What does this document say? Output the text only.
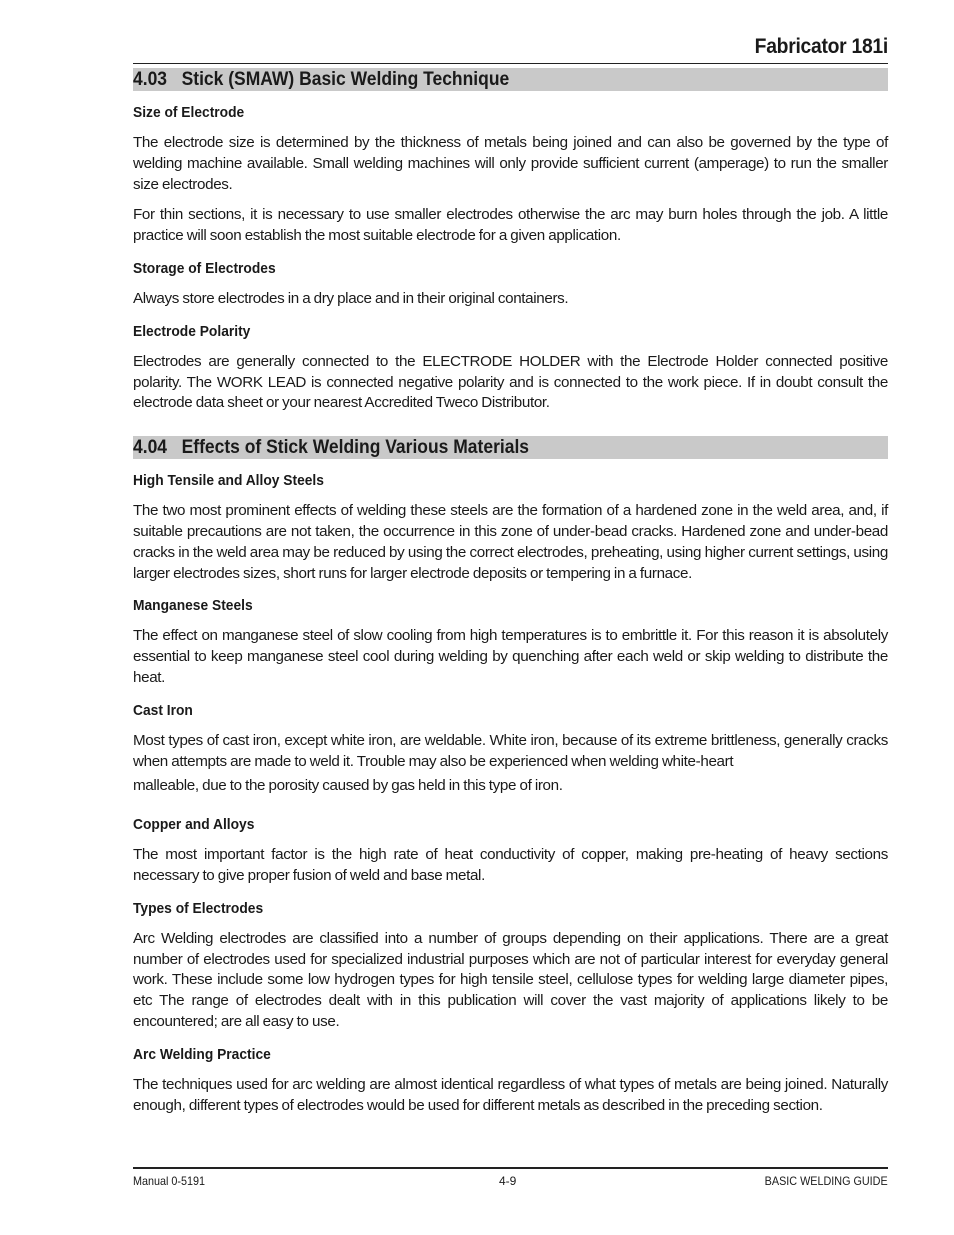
Fabricator 181i
4.03   Stick (SMAW) Basic Welding Technique
Size of Electrode
The electrode size is determined by the thickness of metals being joined and can also be governed by the type of welding machine available. Small welding machines will only provide sufficient current (amperage) to run the smaller size electrodes.
For thin sections, it is necessary to use smaller electrodes otherwise the arc may burn holes through the job. A little practice will soon establish the most suitable electrode for a given application.
Storage of Electrodes
Always store electrodes in a dry place and in their original containers.
Electrode Polarity
Electrodes are generally connected to the ELECTRODE HOLDER with the Electrode Holder connected positive polarity. The WORK LEAD is connected negative polarity and is connected to the work piece. If in doubt consult the electrode data sheet or your nearest Accredited Tweco Distributor.
4.04   Effects of Stick Welding Various Materials
High Tensile and Alloy Steels
The two most prominent effects of welding these steels are the formation of a hardened zone in the weld area, and, if suitable precautions are not taken, the occurrence in this zone of under-bead cracks. Hardened zone and under-bead cracks in the weld area may be reduced by using the correct electrodes, preheating, using higher current settings, using larger electrodes sizes, short runs for larger electrode deposits or tempering in a furnace.
Manganese Steels
The effect on manganese steel of slow cooling from high temperatures is to embrittle it. For this reason it is absolutely essential to keep manganese steel cool during welding by quenching after each weld or skip welding to distribute the heat.
Cast Iron
Most types of cast iron, except white iron, are weldable. White iron, because of its extreme brittleness, generally cracks when attempts are made to weld it. Trouble may also be experienced when welding white-heart
malleable, due to the porosity caused by gas held in this type of iron.
Copper and Alloys
The most important factor is the high rate of heat conductivity of copper, making pre-heating of heavy sections necessary to give proper fusion of weld and base metal.
Types of Electrodes
Arc Welding electrodes are classified into a number of groups depending on their applications. There are a great number of electrodes used for specialized industrial purposes which are not of particular interest for everyday general work. These include some low hydrogen types for high tensile steel, cellulose types for welding large diameter pipes, etc The range of electrodes dealt with in this publication will cover the vast majority of applications likely to be encountered; are all easy to use.
Arc Welding Practice
The techniques used for arc welding are almost identical regardless of what types of metals are being joined. Naturally enough, different types of electrodes would be used for different metals as described in the preceding section.
Manual 0-5191	BASIC WELDING GUIDE
4-9
